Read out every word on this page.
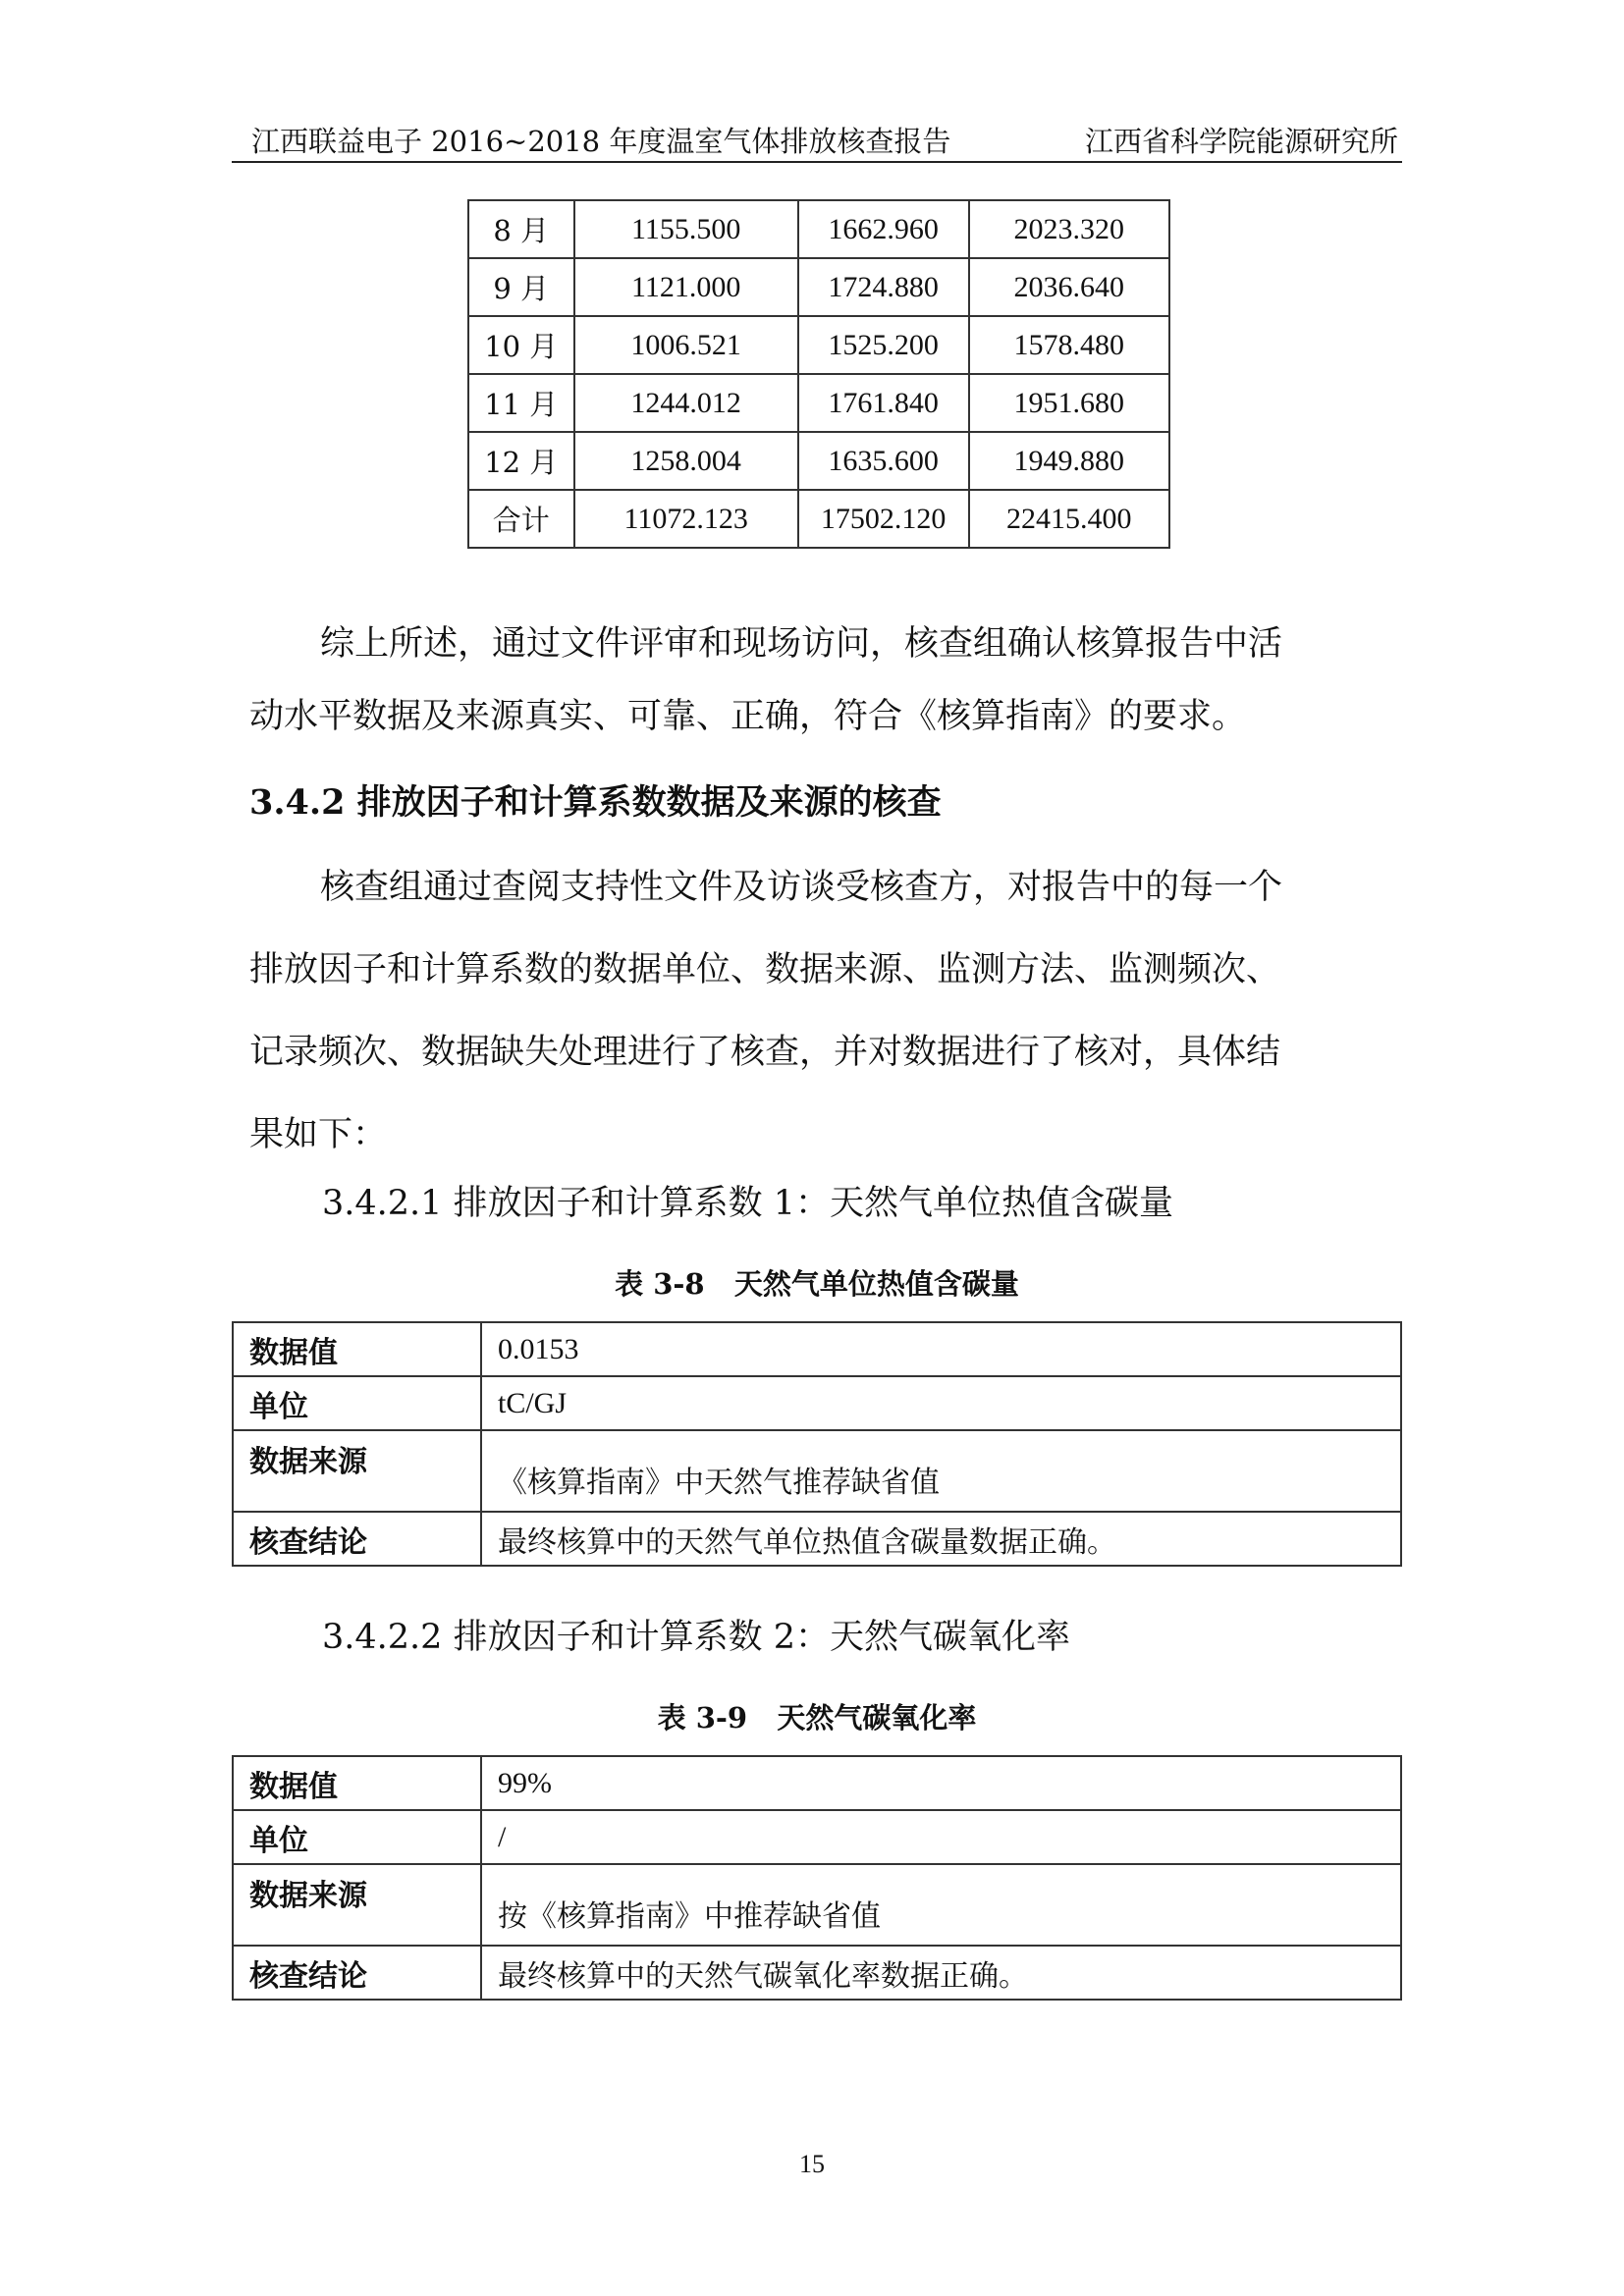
江西联益电子 2016~2018 年度温室气体排放核查报告	江西省科学院能源研究所
8 月	1155.500	1662.960	2023.320
9 月	1121.000	1724.880	2036.640
10 月	1006.521	1525.200	1578.480
11 月	1244.012	1761.840	1951.680
12 月	1258.004	1635.600	1949.880
合计	11072.123	17502.120	22415.400
综上所述，通过文件评审和现场访问，核查组确认核算报告中活
动水平数据及来源真实、可靠、正确，符合《核算指南》的要求。
3.4.2 排放因子和计算系数数据及来源的核查
核查组通过查阅支持性文件及访谈受核查方，对报告中的每一个
排放因子和计算系数的数据单位、数据来源、监测方法、监测频次、
记录频次、数据缺失处理进行了核查，并对数据进行了核对，具体结
果如下：
3.4.2.1 排放因子和计算系数 1：天然气单位热值含碳量
表 3-8   天然气单位热值含碳量
数据值	0.0153
单位	tC/GJ
数据来源	《核算指南》中天然气推荐缺省值
核查结论	最终核算中的天然气单位热值含碳量数据正确。
3.4.2.2 排放因子和计算系数 2：天然气碳氧化率
表 3-9   天然气碳氧化率
数据值	99%
单位	/
数据来源	按《核算指南》中推荐缺省值
核查结论	最终核算中的天然气碳氧化率数据正确。
15
